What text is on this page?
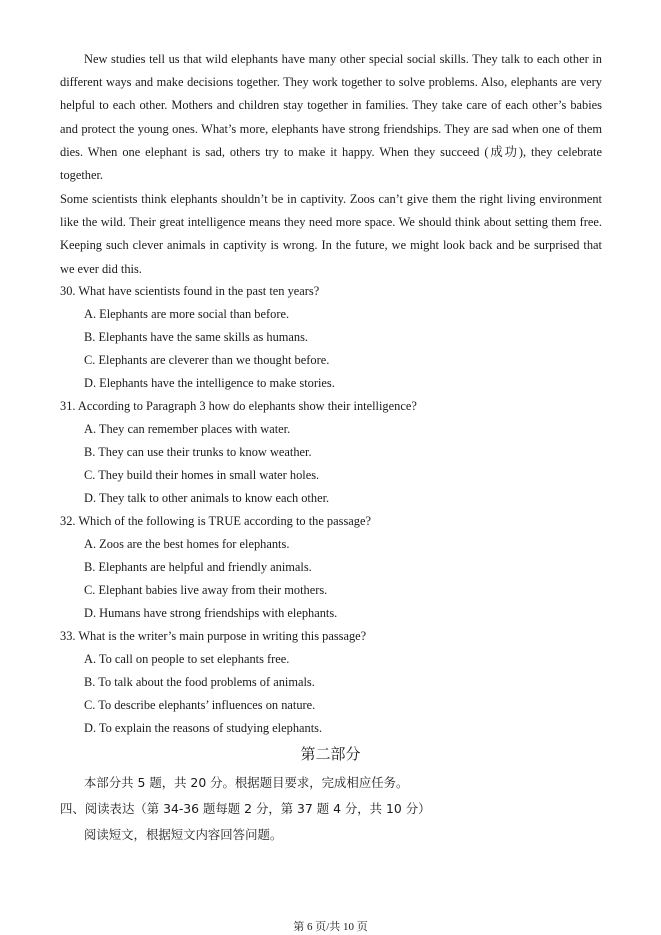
New studies tell us that wild elephants have many other special social skills. They talk to each other in different ways and make decisions together. They work together to solve problems. Also, elephants are very helpful to each other. Mothers and children stay together in families. They take care of each other’s babies and protect the young ones. What’s more, elephants have strong friendships. They are sad when one of them dies. When one elephant is sad, others try to make it happy. When they succeed (成功), they celebrate together.

Some scientists think elephants shouldn’t be in captivity. Zoos can’t give them the right living environment like the wild. Their great intelligence means they need more space. We should think about setting them free. Keeping such clever animals in captivity is wrong. In the future, we might look back and be surprised that we ever did this.

30. What have scientists found in the past ten years?

A. Elephants are more social than before.

B. Elephants have the same skills as humans.

C. Elephants are cleverer than we thought before.

D. Elephants have the intelligence to make stories.

31. According to Paragraph 3 how do elephants show their intelligence?

A. They can remember places with water.

B. They can use their trunks to know weather.

C. They build their homes in small water holes.

D. They talk to other animals to know each other.

32. Which of the following is TRUE according to the passage?

A. Zoos are the best homes for elephants.

B. Elephants are helpful and friendly animals.

C. Elephant babies live away from their mothers.

D. Humans have strong friendships with elephants.

33. What is the writer’s main purpose in writing this passage?

A. To call on people to set elephants free.

B. To talk about the food problems of animals.

C. To describe elephants’ influences on nature.

D. To explain the reasons of studying elephants.

第二部分

本部分共 5 题，共 20 分。根据题目要求，完成相应任务。

四、阅读表达（第 34-36 题每题 2 分，第 37 题 4 分，共 10 分）

阅读短文，根据短文内容回答问题。

第 6 页/共 10 页
